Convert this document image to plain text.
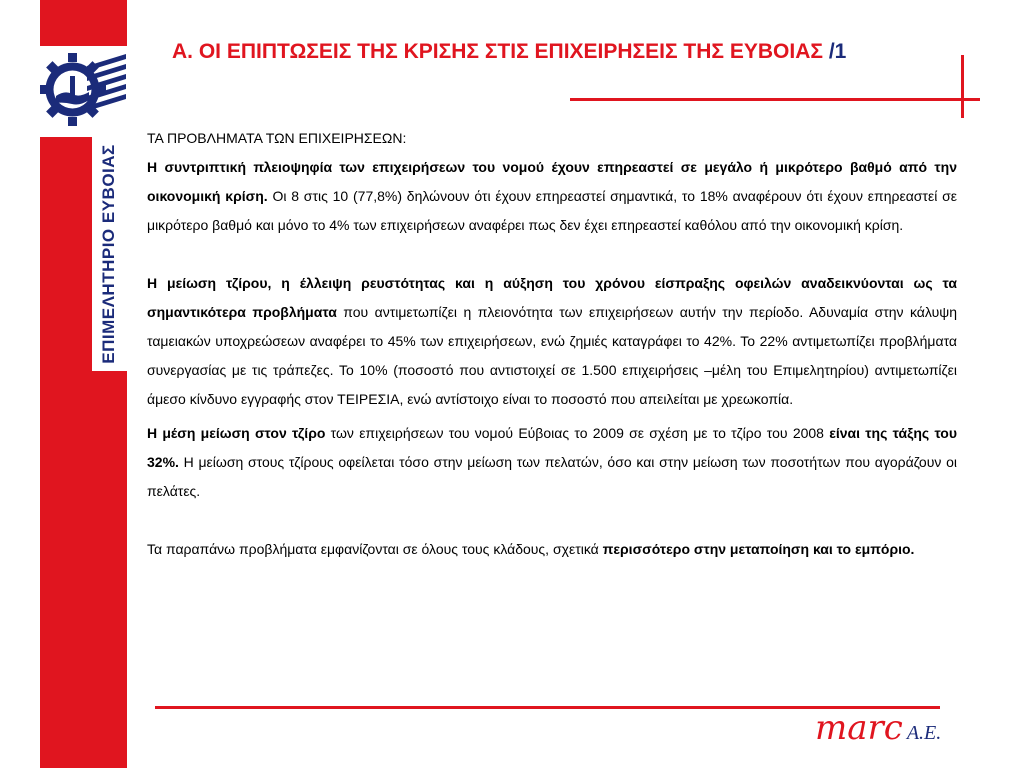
ΕΠΙΜΕΛΗΤΗΡΙΟ ΕΥΒΟΙΑΣ
Α. ΟΙ ΕΠΙΠΤΩΣΕΙΣ ΤΗΣ ΚΡΙΣΗΣ ΣΤΙΣ ΕΠΙΧΕΙΡΗΣΕΙΣ ΤΗΣ ΕΥΒΟΙΑΣ /1

ΤΑ ΠΡΟΒΛΗΜΑΤΑ ΤΩΝ ΕΠΙΧΕΙΡΗΣΕΩΝ:

Η συντριπτική πλειοψηφία των επιχειρήσεων του νομού έχουν επηρεαστεί σε μεγάλο ή μικρότερο βαθμό από την οικονομική κρίση. Οι 8 στις 10 (77,8%) δηλώνουν ότι έχουν επηρεαστεί σημαντικά, το 18% αναφέρουν ότι έχουν επηρεαστεί σε μικρότερο βαθμό και μόνο το 4% των επιχειρήσεων αναφέρει πως δεν έχει επηρεαστεί καθόλου από την οικονομική κρίση.

Η μείωση τζίρου, η έλλειψη ρευστότητας και η αύξηση του χρόνου είσπραξης οφειλών αναδεικνύονται ως τα σημαντικότερα προβλήματα που αντιμετωπίζει η πλειονότητα των επιχειρήσεων αυτήν την περίοδο. Αδυναμία στην κάλυψη ταμειακών υποχρεώσεων αναφέρει το 45% των επιχειρήσεων, ενώ ζημιές καταγράφει το 42%. Το 22% αντιμετωπίζει προβλήματα συνεργασίας με τις τράπεζες. Το 10% (ποσοστό που αντιστοιχεί σε 1.500 επιχειρήσεις –μέλη του Επιμελητηρίου) αντιμετωπίζει άμεσο κίνδυνο εγγραφής στον ΤΕΙΡΕΣΙΑ, ενώ αντίστοιχο είναι το ποσοστό που απειλείται με χρεωκοπία.

Η μέση μείωση στον τζίρο των επιχειρήσεων του νομού Εύβοιας το 2009 σε σχέση με το τζίρο του 2008 είναι της τάξης του 32%. Η μείωση στους τζίρους οφείλεται τόσο στην μείωση των πελατών, όσο και στην μείωση των ποσοτήτων που αγοράζουν οι πελάτες.

Τα παραπάνω προβλήματα εμφανίζονται σε όλους τους κλάδους, σχετικά περισσότερο στην μεταποίηση και το εμπόριο.

marc A.E.
